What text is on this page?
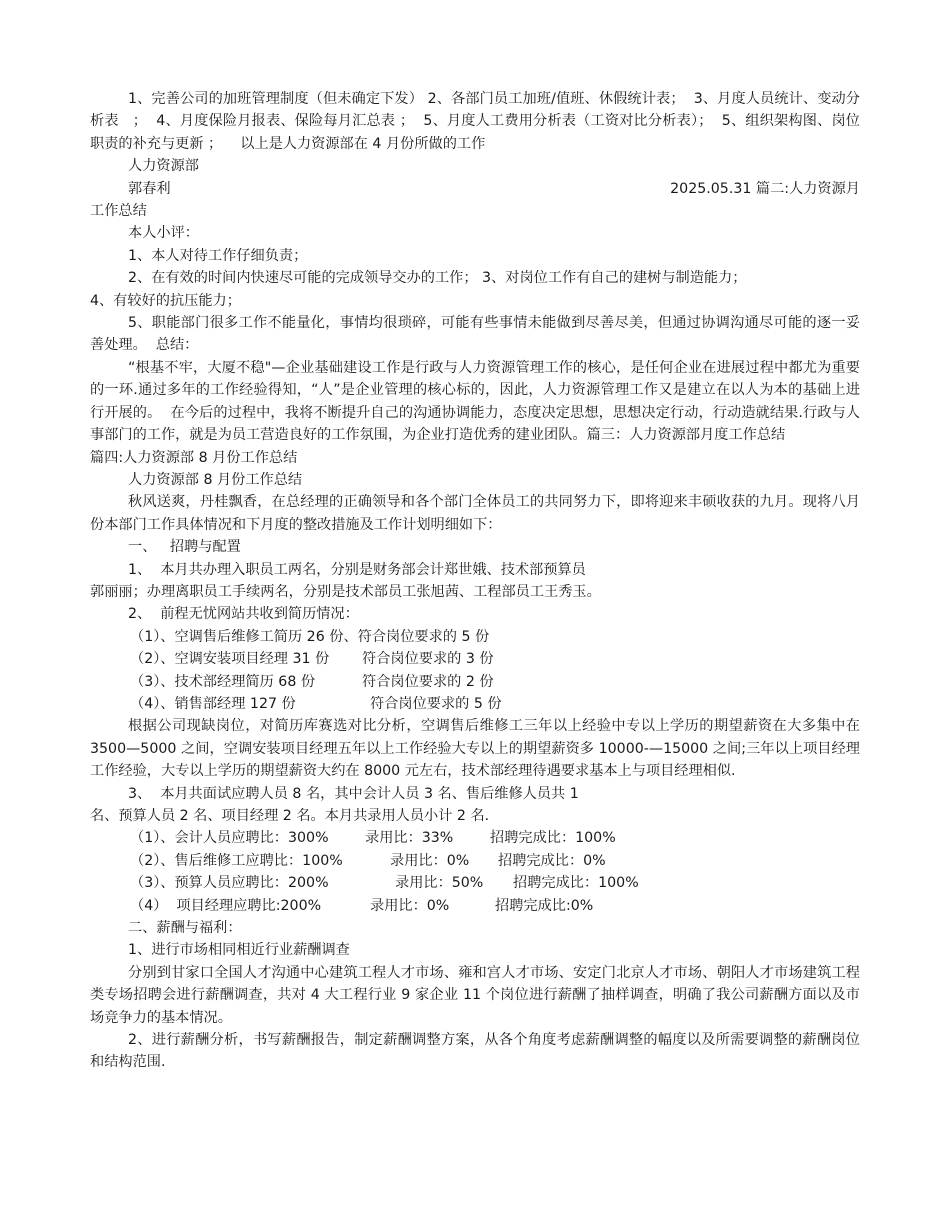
1、完善公司的加班管理制度（但未确定下发） 2、各部门员工加班/值班、休假统计表；  3、月度人员统计、变动分析表   ；  4、月度保险月报表、保险每月汇总表 ；  5、月度人工费用分析表（工资对比分析表）；  5、组织架构图、岗位职责的补充与更新 ；    以上是人力资源部在 4 月份所做的工作

人力资源部

郭春利	2025.05.31 篇二:人力资源月

工作总结

本人小评：

1、本人对待工作仔细负责；

2、在有效的时间内快速尽可能的完成领导交办的工作； 3、对岗位工作有自己的建树与制造能力；

4、有较好的抗压能力；

5、职能部门很多工作不能量化，事情均很琐碎，可能有些事情未能做到尽善尽美，但通过协调沟通尽可能的逐一妥善处理。  总结：

“根基不牢，大厦不稳"—企业基础建设工作是行政与人力资源管理工作的核心，是任何企业在进展过程中都尤为重要的一环.通过多年的工作经验得知，“人”是企业管理的核心标的，因此，人力资源管理工作又是建立在以人为本的基础上进行开展的。  在今后的过程中，我将不断提升自己的沟通协调能力，态度决定思想，思想决定行动，行动造就结果.行政与人事部门的工作，就是为员工营造良好的工作氛围，为企业打造优秀的建业团队。篇三：人力资源部月度工作总结

篇四:人力资源部 8 月份工作总结

人力资源部 8 月份工作总结

秋风送爽，丹桂飘香，在总经理的正确领导和各个部门全体员工的共同努力下，即将迎来丰硕收获的九月。现将八月份本部门工作具体情况和下月度的整改措施及工作计划明细如下：

一、   招聘与配置

1、  本月共办理入职员工两名，分别是财务部会计郑世娥、技术部预算员

郭丽丽；办理离职员工手续两名，分别是技术部员工张旭茜、工程部员工王秀玉。

2、  前程无忧网站共收到简历情况：

（1）、空调售后维修工简历 26 份、符合岗位要求的 5 份
（2）、空调安装项目经理 31 份	符合岗位要求的 3 份
（3）、技术部经理简历 68 份	符合岗位要求的 2 份
（4）、销售部经理 127 份	符合岗位要求的 5 份

根据公司现缺岗位，对简历库赛选对比分析，空调售后维修工三年以上经验中专以上学历的期望薪资在大多集中在 3500—5000 之间，空调安装项目经理五年以上工作经验大专以上的期望薪资多 10000-—15000 之间;三年以上项目经理工作经验，大专以上学历的期望薪资大约在 8000 元左右，技术部经理待遇要求基本上与项目经理相似.

3、  本月共面试应聘人员 8 名，其中会计人员 3 名、售后维修人员共 1

名、预算人员 2 名、项目经理 2 名。本月共录用人员小计 2 名.

（1）、会计人员应聘比：300%	录用比：33%	招聘完成比：100%
（2）、售后维修工应聘比：100%	录用比：0%	招聘完成比：0%
（3）、预算人员应聘比：200%	录用比：50%	招聘完成比：100%
（4）  项目经理应聘比:200%	录用比：0%	招聘完成比:0%

二、薪酬与福利：

1、进行市场相同相近行业薪酬调查

分别到甘家口全国人才沟通中心建筑工程人才市场、雍和宫人才市场、安定门北京人才市场、朝阳人才市场建筑工程类专场招聘会进行薪酬调查，共对 4 大工程行业 9 家企业 11 个岗位进行薪酬了抽样调查，明确了我公司薪酬方面以及市场竞争力的基本情况。

2、进行薪酬分析，书写薪酬报告，制定薪酬调整方案，从各个角度考虑薪酬调整的幅度以及所需要调整的薪酬岗位和结构范围.
